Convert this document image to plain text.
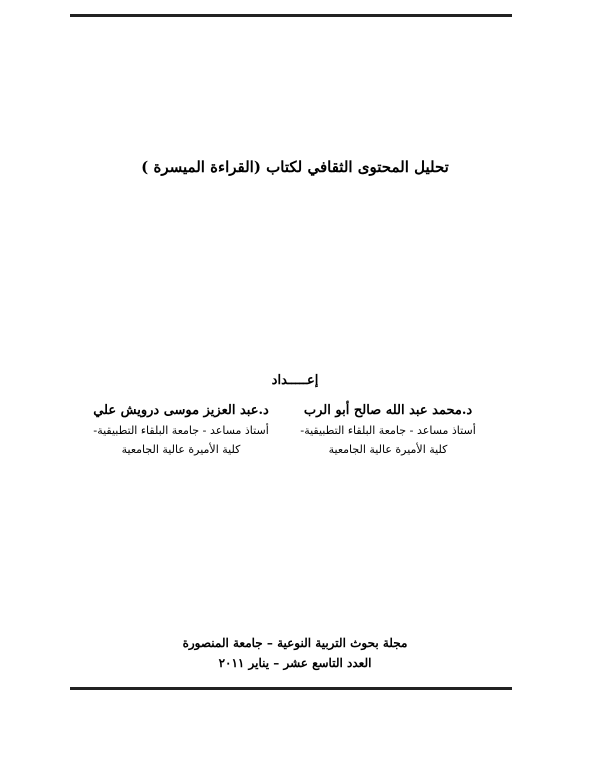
تحليل المحتوى الثقافي لكتاب (القراءة الميسرة )
إعـــــداد
د.محمد عبد الله صالح أبو الرب
أستاذ مساعد - جامعة البلقاء التطبيقية-
كلية الأميرة عالية الجامعية
د.عبد العزيز موسى درويش علي
أستاذ مساعد - جامعة البلقاء التطبيقية-
كلية الأميرة عالية الجامعية
مجلة بحوث التربية النوعية – جامعة المنصورة
العدد التاسع عشر – يناير ٢٠١١
